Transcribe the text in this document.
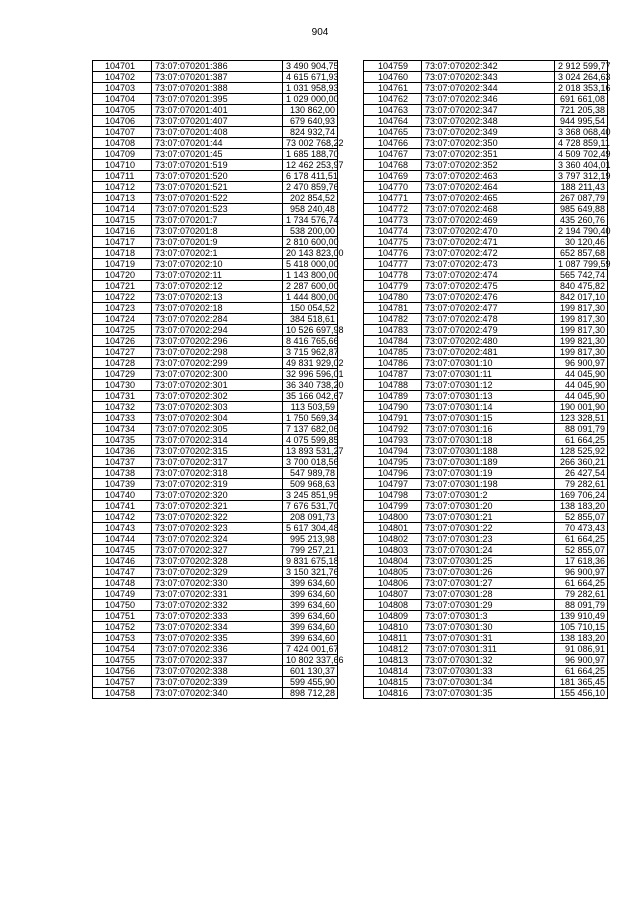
904
104701	73:07:070201:386	3 490 904,75
104702	73:07:070201:387	4 615 671,93
104703	73:07:070201:388	1 031 958,93
104704	73:07:070201:395	1 029 000,00
104705	73:07:070201:401	130 862,00
104706	73:07:070201:407	679 640,93
104707	73:07:070201:408	824 932,74
104708	73:07:070201:44	73 002 768,22
104709	73:07:070201:45	1 685 188,70
104710	73:07:070201:519	12 462 253,97
104711	73:07:070201:520	6 178 411,51
104712	73:07:070201:521	2 470 859,76
104713	73:07:070201:522	202 854,52
104714	73:07:070201:523	958 240,48
104715	73:07:070201:7	1 734 576,74
104716	73:07:070201:8	538 200,00
104717	73:07:070201:9	2 810 600,00
104718	73:07:070202:1	20 143 823,00
104719	73:07:070202:10	5 418 000,00
104720	73:07:070202:11	1 143 800,00
104721	73:07:070202:12	2 287 600,00
104722	73:07:070202:13	1 444 800,00
104723	73:07:070202:18	150 054,52
104724	73:07:070202:284	384 518,61
104725	73:07:070202:294	10 526 697,98
104726	73:07:070202:296	8 416 765,66
104727	73:07:070202:298	3 715 962,87
104728	73:07:070202:299	49 831 929,02
104729	73:07:070202:300	32 996 596,01
104730	73:07:070202:301	36 340 738,20
104731	73:07:070202:302	35 166 042,67
104732	73:07:070202:303	113 503,59
104733	73:07:070202:304	1 750 569,34
104734	73:07:070202:305	7 137 682,06
104735	73:07:070202:314	4 075 599,85
104736	73:07:070202:315	13 893 531,27
104737	73:07:070202:317	3 700 018,56
104738	73:07:070202:318	547 989,78
104739	73:07:070202:319	509 968,63
104740	73:07:070202:320	3 245 851,95
104741	73:07:070202:321	7 676 531,70
104742	73:07:070202:322	208 091,73
104743	73:07:070202:323	5 617 304,48
104744	73:07:070202:324	995 213,98
104745	73:07:070202:327	799 257,21
104746	73:07:070202:328	9 831 675,18
104747	73:07:070202:329	3 150 321,76
104748	73:07:070202:330	399 634,60
104749	73:07:070202:331	399 634,60
104750	73:07:070202:332	399 634,60
104751	73:07:070202:333	399 634,60
104752	73:07:070202:334	399 634,60
104753	73:07:070202:335	399 634,60
104754	73:07:070202:336	7 424 001,67
104755	73:07:070202:337	10 802 337,66
104756	73:07:070202:338	601 130,37
104757	73:07:070202:339	599 455,90
104758	73:07:070202:340	898 712,28
104759	73:07:070202:342	2 912 599,77
104760	73:07:070202:343	3 024 264,63
104761	73:07:070202:344	2 018 353,16
104762	73:07:070202:346	691 661,08
104763	73:07:070202:347	721 205,38
104764	73:07:070202:348	944 995,54
104765	73:07:070202:349	3 368 068,40
104766	73:07:070202:350	4 728 859,11
104767	73:07:070202:351	4 509 702,49
104768	73:07:070202:352	3 360 404,01
104769	73:07:070202:463	3 797 312,19
104770	73:07:070202:464	188 211,43
104771	73:07:070202:465	267 087,79
104772	73:07:070202:468	985 649,88
104773	73:07:070202:469	435 260,76
104774	73:07:070202:470	2 194 790,40
104775	73:07:070202:471	30 120,46
104776	73:07:070202:472	652 857,68
104777	73:07:070202:473	1 087 799,59
104778	73:07:070202:474	565 742,74
104779	73:07:070202:475	840 475,82
104780	73:07:070202:476	842 017,10
104781	73:07:070202:477	199 817,30
104782	73:07:070202:478	199 817,30
104783	73:07:070202:479	199 817,30
104784	73:07:070202:480	199 821,30
104785	73:07:070202:481	199 817,30
104786	73:07:070301:10	96 900,97
104787	73:07:070301:11	44 045,90
104788	73:07:070301:12	44 045,90
104789	73:07:070301:13	44 045,90
104790	73:07:070301:14	190 001,90
104791	73:07:070301:15	123 328,51
104792	73:07:070301:16	88 091,79
104793	73:07:070301:18	61 664,25
104794	73:07:070301:188	128 525,92
104795	73:07:070301:189	266 360,21
104796	73:07:070301:19	26 427,54
104797	73:07:070301:198	79 282,61
104798	73:07:070301:2	169 706,24
104799	73:07:070301:20	138 183,20
104800	73:07:070301:21	52 855,07
104801	73:07:070301:22	70 473,43
104802	73:07:070301:23	61 664,25
104803	73:07:070301:24	52 855,07
104804	73:07:070301:25	17 618,36
104805	73:07:070301:26	96 900,97
104806	73:07:070301:27	61 664,25
104807	73:07:070301:28	79 282,61
104808	73:07:070301:29	88 091,79
104809	73:07:070301:3	139 910,49
104810	73:07:070301:30	105 710,15
104811	73:07:070301:31	138 183,20
104812	73:07:070301:311	91 086,91
104813	73:07:070301:32	96 900,97
104814	73:07:070301:33	61 664,25
104815	73:07:070301:34	181 365,45
104816	73:07:070301:35	155 456,10
